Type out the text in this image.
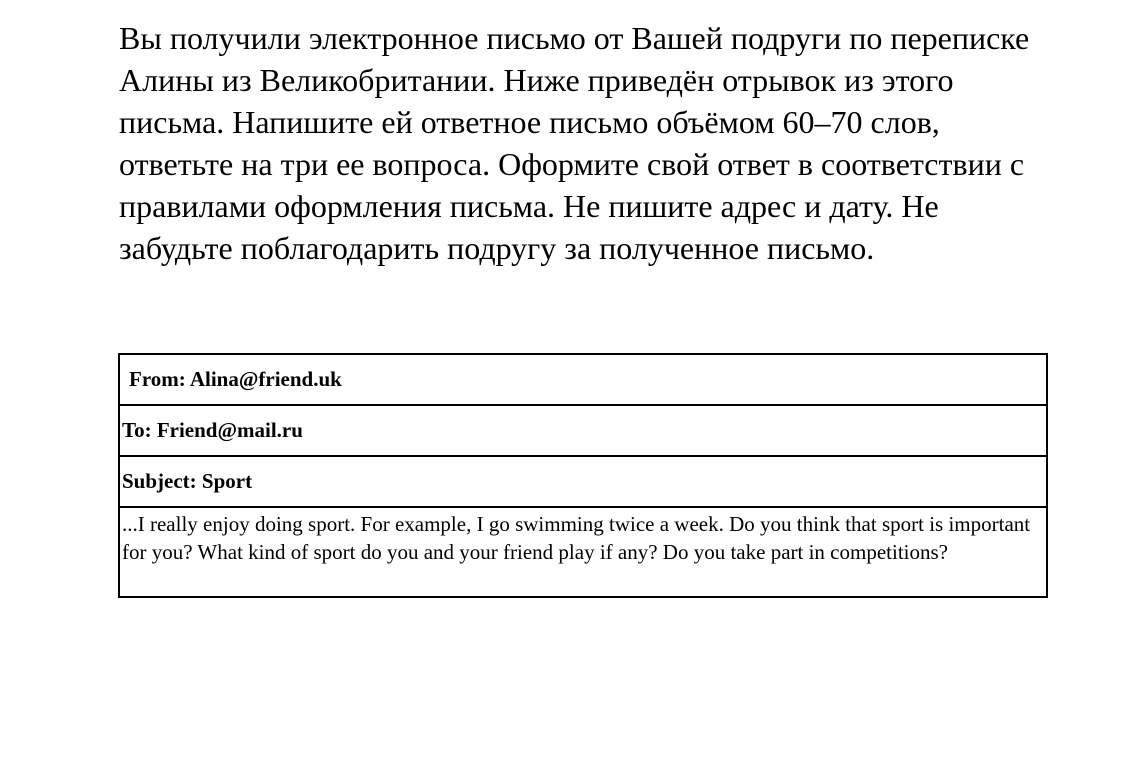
Вы получили электронное письмо от Вашей подруги по переписке Алины из Великобритании. Ниже приведён отрывок из этого письма. Напишите ей ответное письмо объёмом 60–70 слов, ответьте на три ее вопроса. Оформите свой ответ в соответствии с правилами оформления письма. Не пишите адрес и дату. Не забудьте поблагодарить подругу за полученное письмо.

From: Alina@friend.uk
To: Friend@mail.ru
Subject: Sport
...I really enjoy doing sport. For example, I go swimming twice a week. Do you think that sport is important for you? What kind of sport do you and your friend play if any? Do you take part in competitions?
